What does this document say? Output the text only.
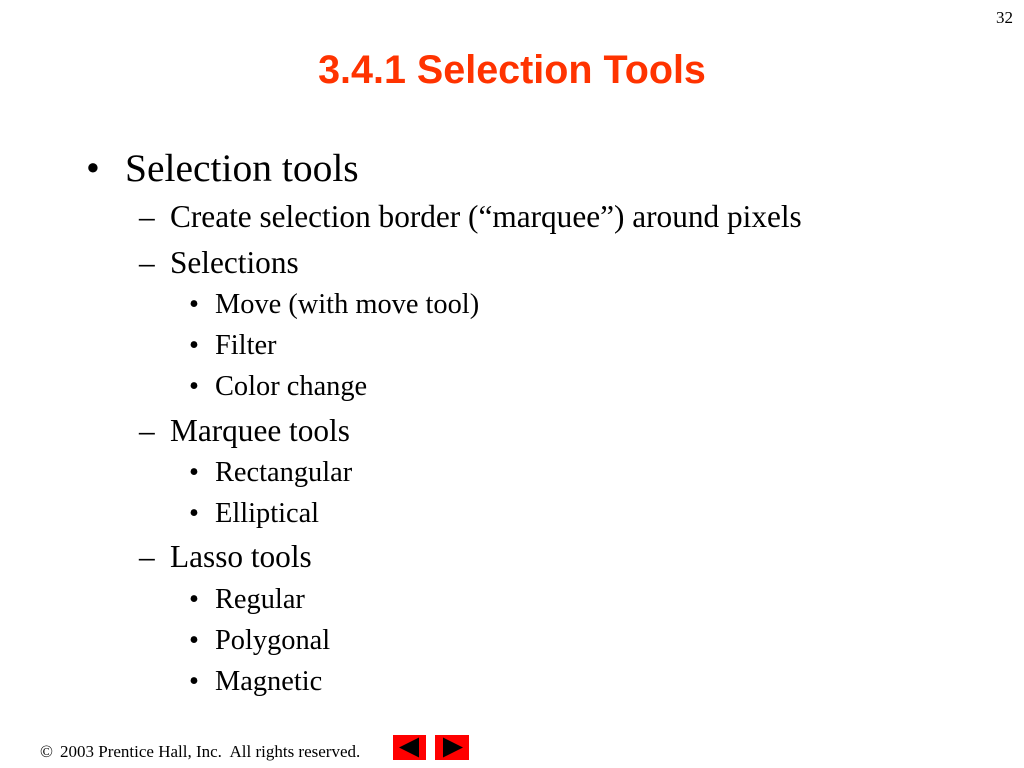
32
3.4.1 Selection Tools
• Selection tools
– Create selection border (“marquee”) around pixels
– Selections
• Move (with move tool)
• Filter
• Color change
– Marquee tools
• Rectangular
• Elliptical
– Lasso tools
• Regular
• Polygonal
• Magnetic
© 2003 Prentice Hall, Inc.  All rights reserved.
